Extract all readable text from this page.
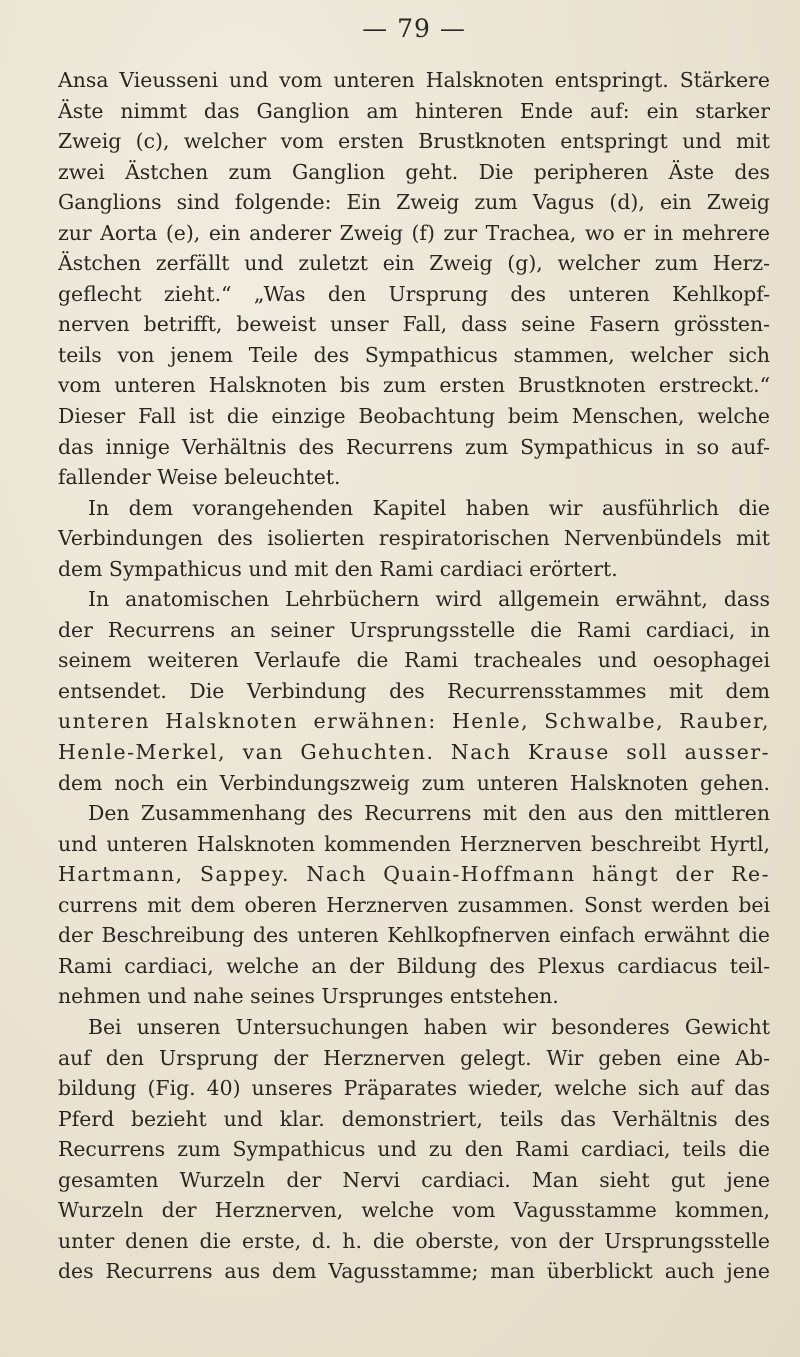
— 79 —
Ansa Vieusseni und vom unteren Halsknoten entspringt. Stärkere
Äste nimmt das Ganglion am hinteren Ende auf: ein starker
Zweig (c), welcher vom ersten Brustknoten entspringt und mit
zwei Ästchen zum Ganglion geht. Die peripheren Äste des
Ganglions sind folgende: Ein Zweig zum Vagus (d), ein Zweig
zur Aorta (e), ein anderer Zweig (f) zur Trachea, wo er in mehrere
Ästchen zerfällt und zuletzt ein Zweig (g), welcher zum Herz-
geflecht zieht.“ „Was den Ursprung des unteren Kehlkopf-
nerven betrifft, beweist unser Fall, dass seine Fasern grössten-
teils von jenem Teile des Sympathicus stammen, welcher sich
vom unteren Halsknoten bis zum ersten Brustknoten erstreckt.“
Dieser Fall ist die einzige Beobachtung beim Menschen, welche
das innige Verhältnis des Recurrens zum Sympathicus in so auf-
fallender Weise beleuchtet.
In dem vorangehenden Kapitel haben wir ausführlich die
Verbindungen des isolierten respiratorischen Nervenbündels mit
dem Sympathicus und mit den Rami cardiaci erörtert.
In anatomischen Lehrbüchern wird allgemein erwähnt, dass
der Recurrens an seiner Ursprungsstelle die Rami cardiaci, in
seinem weiteren Verlaufe die Rami tracheales und oesophagei
entsendet. Die Verbindung des Recurrensstammes mit dem
unteren Halsknoten erwähnen: Henle, Schwalbe, Rauber,
Henle-Merkel, van Gehuchten. Nach Krause soll ausser-
dem noch ein Verbindungszweig zum unteren Halsknoten gehen.
Den Zusammenhang des Recurrens mit den aus den mittleren
und unteren Halsknoten kommenden Herznerven beschreibt Hyrtl,
Hartmann, Sappey. Nach Quain-Hoffmann hängt der Re-
currens mit dem oberen Herznerven zusammen. Sonst werden bei
der Beschreibung des unteren Kehlkopfnerven einfach erwähnt die
Rami cardiaci, welche an der Bildung des Plexus cardiacus teil-
nehmen und nahe seines Ursprunges entstehen.
Bei unseren Untersuchungen haben wir besonderes Gewicht
auf den Ursprung der Herznerven gelegt. Wir geben eine Ab-
bildung (Fig. 40) unseres Präparates wieder, welche sich auf das
Pferd bezieht und klar. demonstriert, teils das Verhältnis des
Recurrens zum Sympathicus und zu den Rami cardiaci, teils die
gesamten Wurzeln der Nervi cardiaci. Man sieht gut jene
Wurzeln der Herznerven, welche vom Vagusstamme kommen,
unter denen die erste, d. h. die oberste, von der Ursprungsstelle
des Recurrens aus dem Vagusstamme; man überblickt auch jene
